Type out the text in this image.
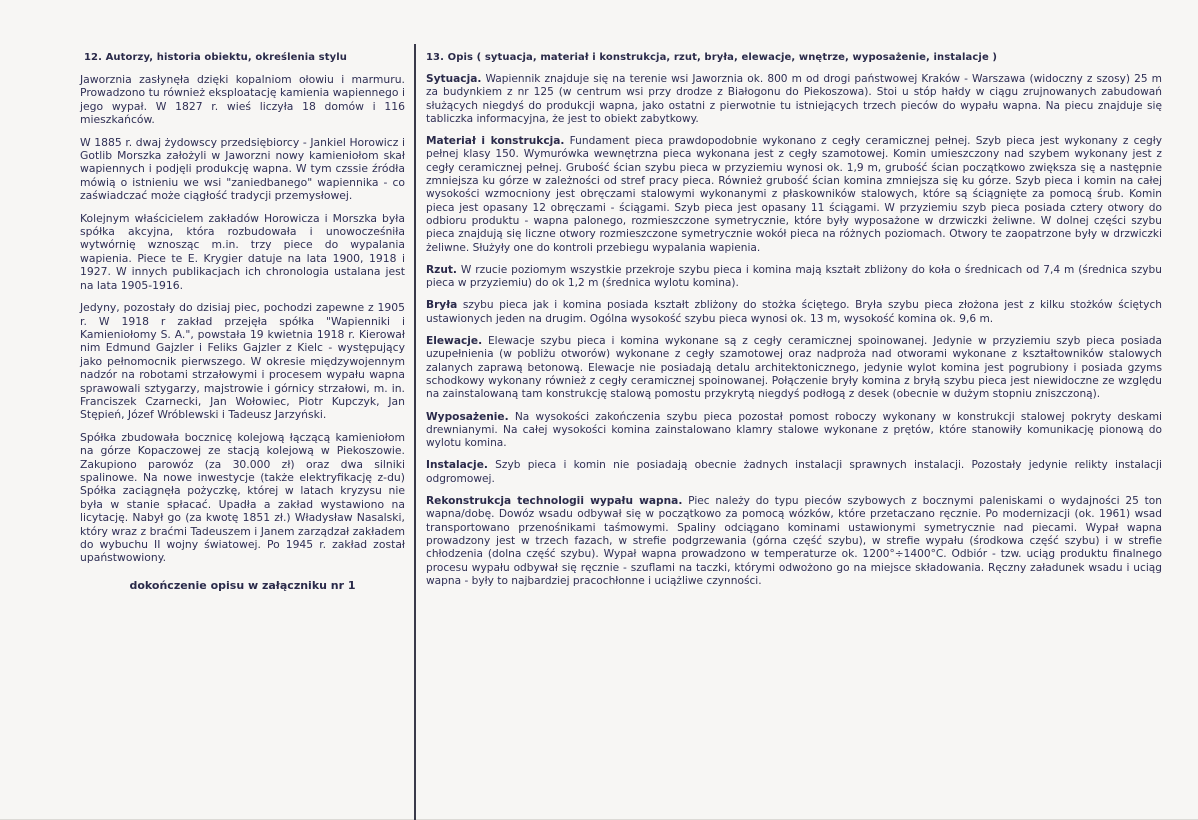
12. Autorzy, historia obiektu, określenia stylu

Jaworznia zasłynęła dzięki kopalniom ołowiu i marmuru. Prowadzono tu również eksploatację kamienia wapiennego i jego wypał. W 1827 r. wieś liczyła 18 domów i 116 mieszkańców.

W 1885 r. dwaj żydowscy przedsiębiorcy - Jankiel Horowicz i Gotlib Morszka założyli w Jaworzni nowy kamieniołom skał wapiennych i podjęli produkcję wapna. W tym czssie źródła mówią o istnieniu we wsi "zaniedbanego" wapiennika - co zaświadczać może ciągłość tradycji przemysłowej.

Kolejnym właścicielem zakładów Horowicza i Morszka była spółka akcyjna, która rozbudowała i unowocześniła wytwórnię wznosząc m.in. trzy piece do wypalania wapienia. Piece te E. Krygier datuje na lata 1900, 1918 i 1927. W innych publikacjach ich chronologia ustalana jest na lata 1905-1916.

Jedyny, pozostały do dzisiaj piec, pochodzi zapewne z 1905 r. W 1918 r zakład przejęła spółka "Wapienniki i Kamieniołomy S. A.", powstała 19 kwietnia 1918 r. Kierował nim Edmund Gajzler i Feliks Gajzler z Kielc - występujący jako pełnomocnik pierwszego. W okresie międzywojennym nadzór na robotami strzałowymi i procesem wypału wapna sprawowali sztygarzy, majstrowie i górnicy strzałowi, m. in. Franciszek Czarnecki, Jan Wołowiec, Piotr Kupczyk, Jan Stępień, Józef Wróblewski i Tadeusz Jarzyński.

Spółka zbudowała bocznicę kolejową łączącą kamieniołom na górze Kopaczowej ze stacją kolejową w Piekoszowie. Zakupiono parowóz (za 30.000 zł) oraz dwa silniki spalinowe. Na nowe inwestycje (także elektryfikację z-du) Spółka zaciągnęła pożyczkę, której w latach kryzysu nie była w stanie spłacać. Upadła a zakład wystawiono na licytację. Nabył go (za kwotę 1851 zł.) Władysław Nasalski, który wraz z braćmi Tadeuszem i Janem zarządzał zakładem do wybuchu II wojny światowej. Po 1945 r. zakład został upaństwowiony.

dokończenie opisu w załączniku nr 1
13. Opis ( sytuacja, materiał i konstrukcja, rzut, bryła, elewacje, wnętrze, wyposażenie, instalacje )

Sytuacja. Wapiennik znajduje się na terenie wsi Jaworznia ok. 800 m od drogi państwowej Kraków - Warszawa (widoczny z szosy) 25 m za budynkiem z nr 125 (w centrum wsi przy drodze z Białogonu do Piekoszowa). Stoi u stóp hałdy w ciągu zrujnowanych zabudowań służących niegdyś do produkcji wapna, jako ostatni z pierwotnie tu istniejących trzech pieców do wypału wapna. Na piecu znajduje się tabliczka informacyjna, że jest to obiekt zabytkowy.

Materiał i konstrukcja. Fundament pieca prawdopodobnie wykonano z cegły ceramicznej pełnej. Szyb pieca jest wykonany z cegły pełnej klasy 150. Wymurówka wewnętrzna pieca wykonana jest z cegły szamotowej. Komin umieszczony nad szybem wykonany jest z cegły ceramicznej pełnej. Grubość ścian szybu pieca w przyziemiu wynosi ok. 1,9 m, grubość ścian początkowo zwiększa się a następnie zmniejsza ku górze w zależności od stref pracy pieca. Również grubość ścian komina zmniejsza się ku górze. Szyb pieca i komin na całej wysokości wzmocniony jest obręczami stalowymi wykonanymi z płaskowników stalowych, które są ściągnięte za pomocą śrub. Komin pieca jest opasany 12 obręczami - ściągami. Szyb pieca jest opasany 11 ściągami. W przyziemiu szyb pieca posiada cztery otwory do odbioru produktu - wapna palonego, rozmieszczone symetrycznie, które były wyposażone w drzwiczki żeliwne. W dolnej części szybu pieca znajdują się liczne otwory rozmieszczone symetrycznie wokół pieca na różnych poziomach. Otwory te zaopatrzone były w drzwiczki żeliwne. Służyły one do kontroli przebiegu wypalania wapienia.

Rzut. W rzucie poziomym wszystkie przekroje szybu pieca i komina mają kształt zbliżony do koła o średnicach od 7,4 m (średnica szybu pieca w przyziemiu) do ok 1,2 m (średnica wylotu komina).

Bryła szybu pieca jak i komina posiada kształt zbliżony do stożka ściętego. Bryła szybu pieca złożona jest z kilku stożków ściętych ustawionych jeden na drugim. Ogólna wysokość szybu pieca wynosi ok. 13 m, wysokość komina ok. 9,6 m.

Elewacje. Elewacje szybu pieca i komina wykonane są z cegły ceramicznej spoinowanej. Jedynie w przyziemiu szyb pieca posiada uzupełnienia (w pobliżu otworów) wykonane z cegły szamotowej oraz nadproża nad otworami wykonane z kształtowników stalowych zalanych zaprawą betonową. Elewacje nie posiadają detalu architektonicznego, jedynie wylot komina jest pogrubiony i posiada gzyms schodkowy wykonany również z cegły ceramicznej spoinowanej. Połączenie bryły komina z bryłą szybu pieca jest niewidoczne ze względu na zainstalowaną tam konstrukcję stalową pomostu przykrytą niegdyś podłogą z desek (obecnie w dużym stopniu zniszczoną).

Wyposażenie. Na wysokości zakończenia szybu pieca pozostał pomost roboczy wykonany w konstrukcji stalowej pokryty deskami drewnianymi. Na całej wysokości komina zainstalowano klamry stalowe wykonane z prętów, które stanowiły komunikację pionową do wylotu komina.

Instalacje. Szyb pieca i komin nie posiadają obecnie żadnych instalacji sprawnych instalacji. Pozostały jedynie relikty instalacji odgromowej.

Rekonstrukcja technologii wypału wapna. Piec należy do typu pieców szybowych z bocznymi paleniskami o wydajności 25 ton wapna/dobę. Dowóz wsadu odbywał się w początkowo za pomocą wózków, które przetaczano ręcznie. Po modernizacji (ok. 1961) wsad transportowano przenośnikami taśmowymi. Spaliny odciągano kominami ustawionymi symetrycznie nad piecami. Wypał wapna prowadzony jest w trzech fazach, w strefie podgrzewania (górna część szybu), w strefie wypału (środkowa część szybu) i w strefie chłodzenia (dolna część szybu). Wypał wapna prowadzono w temperaturze ok. 1200°÷1400°C. Odbiór - tzw. uciąg produktu finalnego procesu wypału odbywał się ręcznie - szuflami na taczki, którymi odwożono go na miejsce składowania. Ręczny załadunek wsadu i uciąg wapna - były to najbardziej pracochłonne i uciążliwe czynności.
